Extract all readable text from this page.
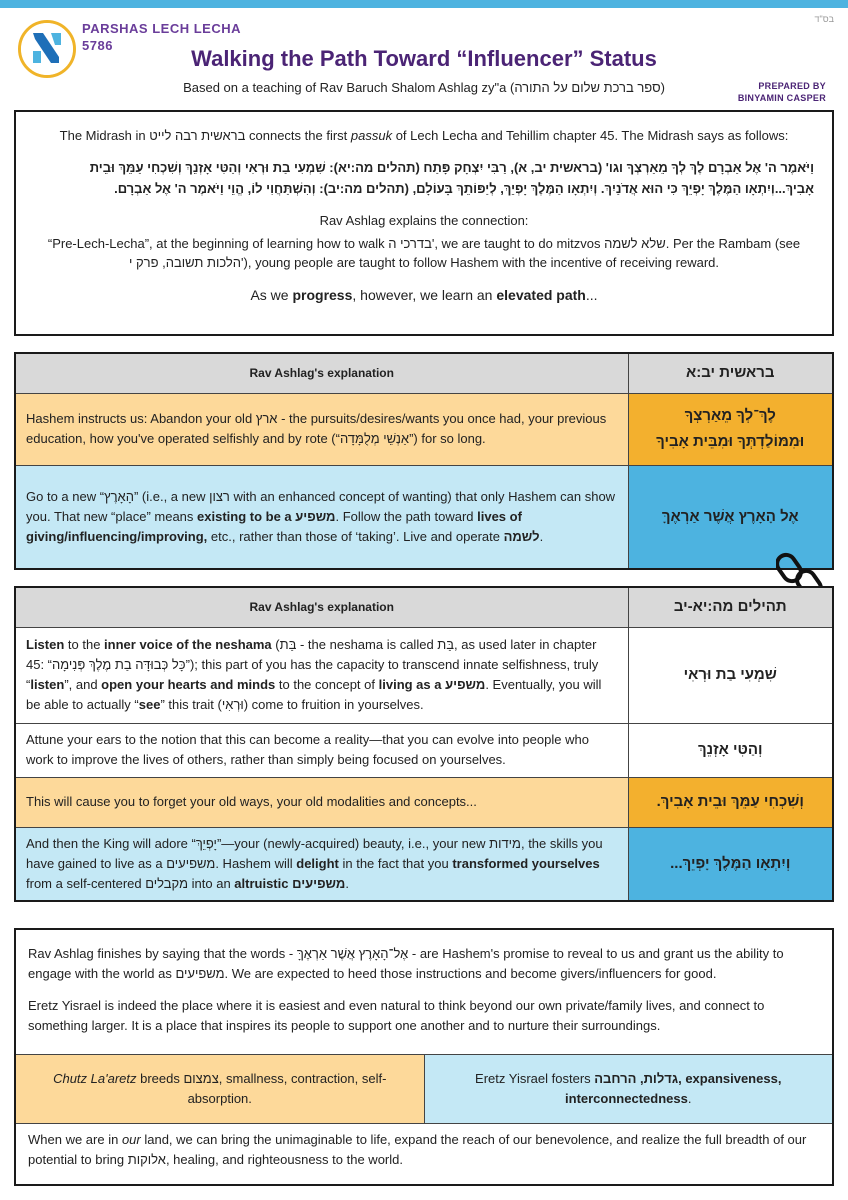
PARSHAS LECH LECHA
5786
בס"ד
Walking the Path Toward “Influencer” Status
Based on a teaching of Rav Baruch Shalom Ashlag zy"a (ספר ברכת שלום על התורה)	PREPARED BY
BINYAMIN CASPER
The Midrash in בראשית רבה לייט connects the first passuk of Lech Lecha and Tehillim chapter 45. The Midrash says as follows:
וַיֹּאמֶר ה' אֶל אַבְרָם לֶךְ לְךָ מֵאַרְצְךָ וגו' (בראשית יב, א), רַבִּי יִצְחָק פָּתַח (תהלים מה:יא): שִׁמְעִי בַת וּרְאִי וְהַטִּי אָזְנֵךְ וְשִׁכְחִי עַמֵּךְ וּבֵית אָבִיךְ...וְיִתְאָו הַמֶּלֶךְ יָפְיֵךְ כִּי הוּא אֲדֹנַיִךְ. וְיִתְאָו הַמֶּלֶךְ יָפְיֵךְ, לְיַפּוֹתֵךְ בָּעוֹלָם, (תהלים מה:יב): וְהִשְׁתַּחֲוִי לוֹ, הֱוֵי וַיֹּאמֶר ה' אֶל אַבְרָם.
Rav Ashlag explains the connection:
“Pre-Lech-Lecha”, at the beginning of learning how to walk בדרכי ה', we are taught to do mitzvos שלא לשמה. Per the Rambam (see הלכות תשובה, פרק י'), young people are taught to follow Hashem with the incentive of receiving reward.
As we progress, however, we learn an elevated path...
Rav Ashlag's explanation	בראשית יב:א
Hashem instructs us: Abandon your old ארץ - the pursuits/desires/wants you once had, your previous education, how you've operated selfishly and by rote (“אַנְשֵׁי מְלֻמָּדָה”) for so long.	לֶךְ־לְךָ מֵאַרְצְךָ
וּמִמּוֹלַדְתְּךָ וּמִבֵּית אָבִיךָ

Go to a new “הָאָרֶץ” (i.e., a new רצון with an enhanced concept of wanting) that only Hashem can show you. That new “place” means existing to be a משפיע. Follow the path toward lives of giving/influencing/improving, etc., rather than those of ‘taking’. Live and operate לשמה.	אֶל הָאָרֶץ אֲשֶׁר אַרְאֶךָּ
Rav Ashlag's explanation	תהילים מה:יא-יב
Listen to the inner voice of the neshama (בַּת - the neshama is called בַּת, as used later in chapter 45: “כָּל כְּבוּדָּה בַת מֶלֶךְ פְּנִימָה”); this part of you has the capacity to transcend innate selfishness, truly “listen”, and open your hearts and minds to the concept of living as a משפיע. Eventually, you will be able to actually “see” this trait (וּרְאִי) come to fruition in yourselves.	שִׁמְעִי בַת וּרְאִי

Attune your ears to the notion that this can become a reality—that you can evolve into people who work to improve the lives of others, rather than simply being focused on yourselves.	וְהַטִּי אָזְנֵךְ

This will cause you to forget your old ways, your old modalities and concepts...	וְשִׁכְחִי עַמֵּךְ וּבֵית אָבִיךְ.

And then the King will adore “יָפְיֵךְ”—your (newly-acquired) beauty, i.e., your new מידות, the skills you have gained to live as a משפיעים. Hashem will delight in the fact that you transformed yourselves from a self-centered מקבלים into an altruistic משפיעים.	וְיִתְאָו הַמֶּלֶךְ יָפְיֵךְ...
Rav Ashlag finishes by saying that the words - אֶל־הָאָרֶץ אֲשֶׁר אַרְאֶךָּ - are Hashem's promise to reveal to us and grant us the ability to engage with the world as משפיעים. We are expected to heed those instructions and become givers/influencers for good.
Eretz Yisrael is indeed the place where it is easiest and even natural to think beyond our own private/family lives, and connect to something larger. It is a place that inspires its people to support one another and to nurture their surroundings.
Chutz La'aretz breeds צמצום, smallness, contraction, self-absorption.
Eretz Yisrael fosters גדלות, הרחבה, expansiveness, interconnectedness.
When we are in our land, we can bring the unimaginable to life, expand the reach of our benevolence, and realize the full breadth of our potential to bring אלוקות, healing, and righteousness to the world.
